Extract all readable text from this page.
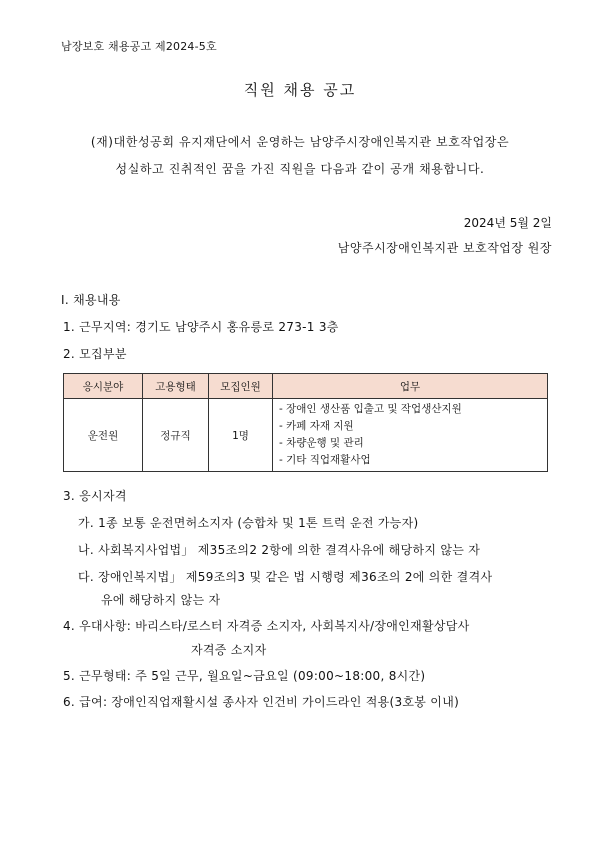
남장보호 채용공고 제2024-5호
직원 채용 공고
(재)대한성공회 유지재단에서 운영하는 남양주시장애인복지관 보호작업장은
성실하고 진취적인 꿈을 가진 직원을 다음과 같이 공개 채용합니다.
2024년 5월 2일
남양주시장애인복지관 보호작업장 원장
Ⅰ. 채용내용
1. 근무지역: 경기도 남양주시 홍유릉로 273-1 3층
2. 모집부분
응시분야	고용형태	모집인원	업무
운전원	정규직	1명	- 장애인 생산품 입출고 및 작업생산지원
- 카페 자재 지원
- 차량운행 및 관리
- 기타 직업재활사업
3. 응시자격
가. 1종 보통 운전면허소지자 (승합차 및 1톤 트럭 운전 가능자)
나. 사회복지사업법」 제35조의2 2항에 의한 결격사유에 해당하지 않는 자
다. 장애인복지법」 제59조의3 및 같은 법 시행령 제36조의 2에 의한 결격사
유에 해당하지 않는 자
4. 우대사항: 바리스타/로스터 자격증 소지자, 사회복지사/장애인재활상담사
자격증 소지자
5. 근무형태: 주 5일 근무, 월요일~금요일 (09:00~18:00, 8시간)
6. 급여: 장애인직업재활시설 종사자 인건비 가이드라인 적용(3호봉 이내)
